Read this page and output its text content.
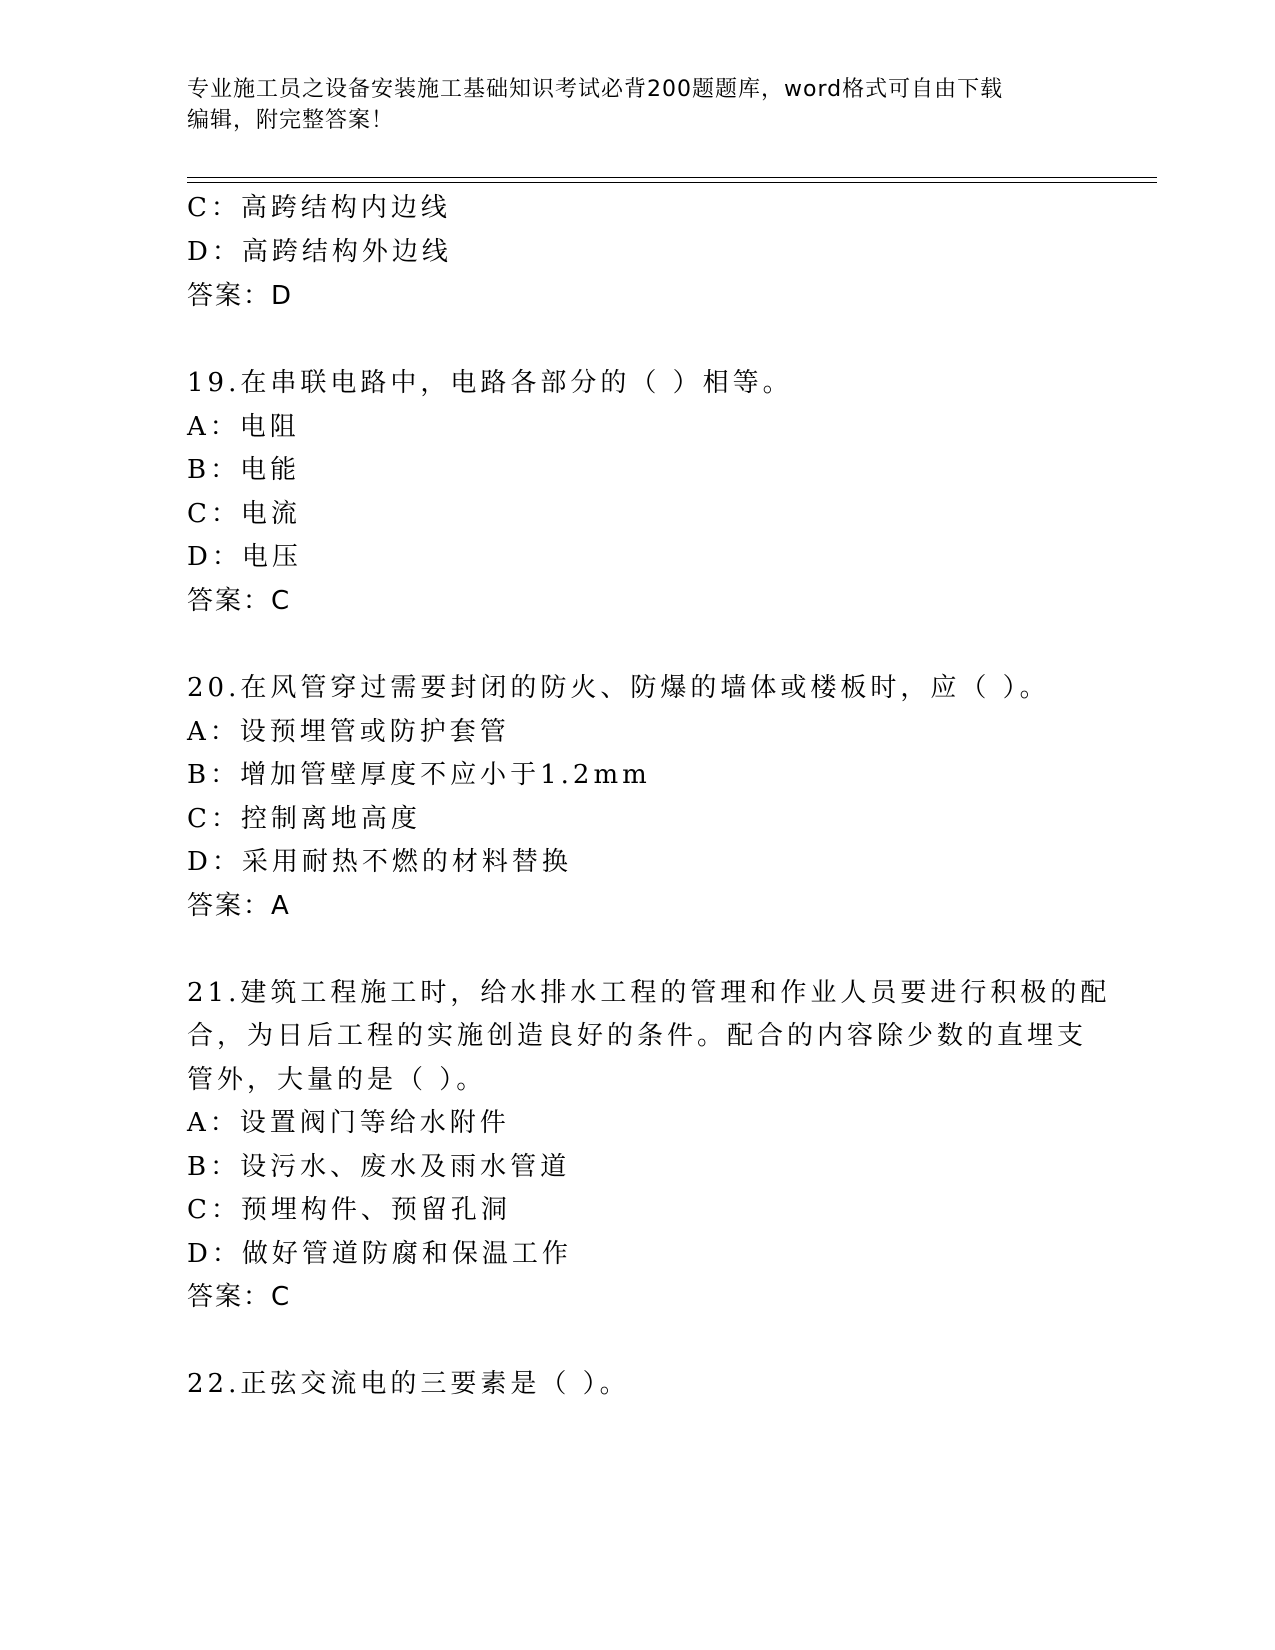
专业施工员之设备安装施工基础知识考试必背200题题库，word格式可自由下载
编辑，附完整答案！
C：高跨结构内边线
D：高跨结构外边线
答案：D
19.在串联电路中，电路各部分的（ ）相等。
A：电阻
B：电能
C：电流
D：电压
答案：C
20.在风管穿过需要封闭的防火、防爆的墙体或楼板时，应（ ）。
A：设预埋管或防护套管
B：增加管壁厚度不应小于1.2mm
C：控制离地高度
D：采用耐热不燃的材料替换
答案：A
21.建筑工程施工时，给水排水工程的管理和作业人员要进行积极的配
合，为日后工程的实施创造良好的条件。配合的内容除少数的直埋支
管外，大量的是（ ）。
A：设置阀门等给水附件
B：设污水、废水及雨水管道
C：预埋构件、预留孔洞
D：做好管道防腐和保温工作
答案：C
22.正弦交流电的三要素是（ ）。
